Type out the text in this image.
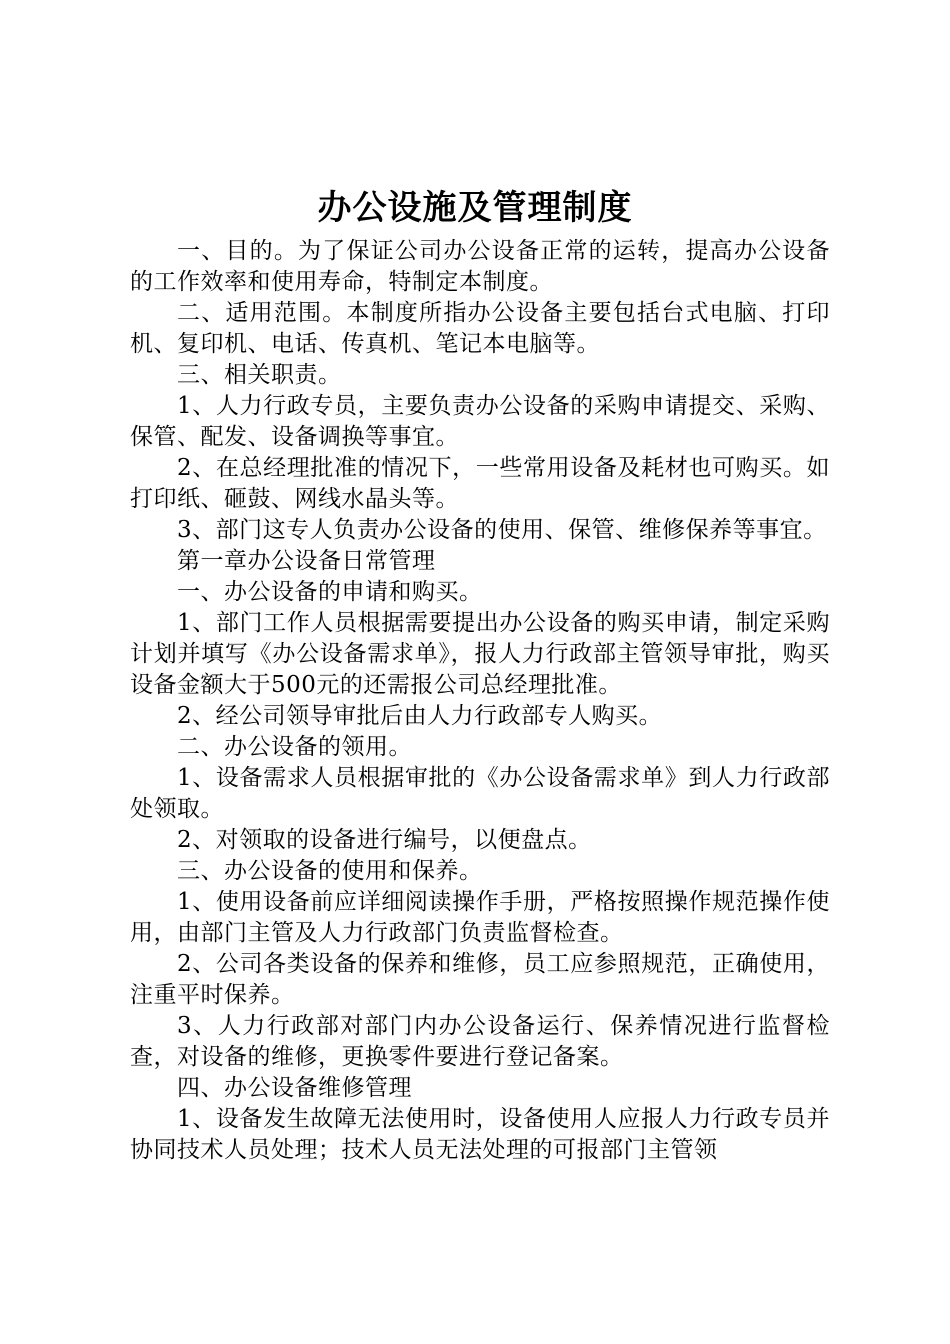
办公设施及管理制度

一、目的。为了保证公司办公设备正常的运转，提高办公设备的工作效率和使用寿命，特制定本制度。

二、适用范围。本制度所指办公设备主要包括台式电脑、打印机、复印机、电话、传真机、笔记本电脑等。

三、相关职责。

1、人力行政专员，主要负责办公设备的采购申请提交、采购、保管、配发、设备调换等事宜。

2、在总经理批准的情况下，一些常用设备及耗材也可购买。如打印纸、砸鼓、网线水晶头等。

3、部门这专人负责办公设备的使用、保管、维修保养等事宜。

第一章办公设备日常管理

一、办公设备的申请和购买。

1、部门工作人员根据需要提出办公设备的购买申请，制定采购计划并填写《办公设备需求单》，报人力行政部主管领导审批，购买设备金额大于500元的还需报公司总经理批准。

2、经公司领导审批后由人力行政部专人购买。

二、办公设备的领用。

1、设备需求人员根据审批的《办公设备需求单》到人力行政部处领取。

2、对领取的设备进行编号，以便盘点。

三、办公设备的使用和保养。

1、使用设备前应详细阅读操作手册，严格按照操作规范操作使用，由部门主管及人力行政部门负责监督检查。

2、公司各类设备的保养和维修，员工应参照规范，正确使用，注重平时保养。

3、人力行政部对部门内办公设备运行、保养情况进行监督检查，对设备的维修，更换零件要进行登记备案。

四、办公设备维修管理

1、设备发生故障无法使用时，设备使用人应报人力行政专员并协同技术人员处理；技术人员无法处理的可报部门主管领
